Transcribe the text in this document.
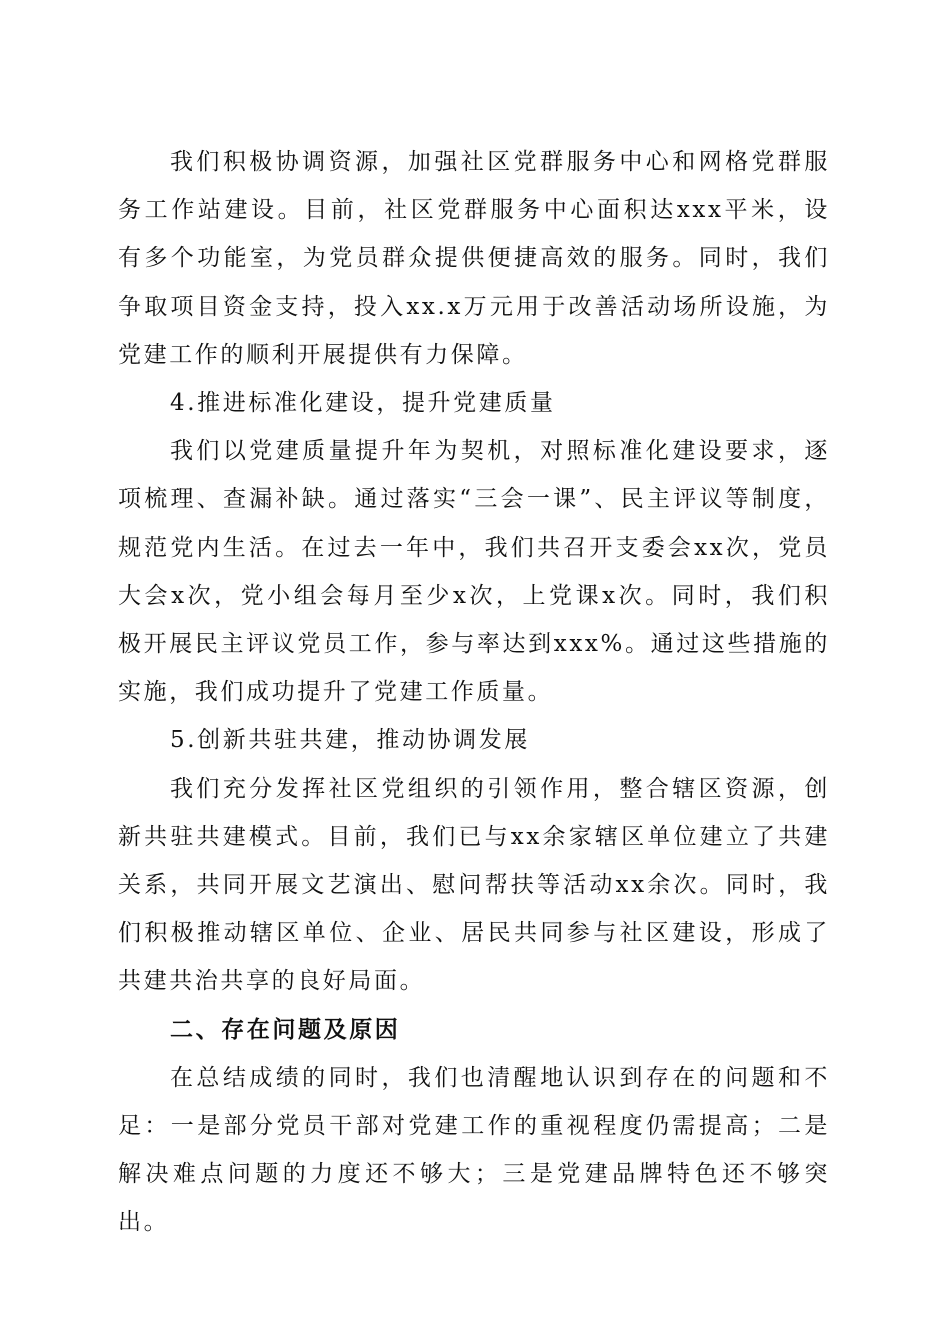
我们积极协调资源，加强社区党群服务中心和网格党群服务工作站建设。目前，社区党群服务中心面积达xxx平米，设有多个功能室，为党员群众提供便捷高效的服务。同时，我们争取项目资金支持，投入xx.x万元用于改善活动场所设施，为党建工作的顺利开展提供有力保障。

4.推进标准化建设，提升党建质量

我们以党建质量提升年为契机，对照标准化建设要求，逐项梳理、查漏补缺。通过落实“三会一课”、民主评议等制度，规范党内生活。在过去一年中，我们共召开支委会xx次，党员大会x次，党小组会每月至少x次，上党课x次。同时，我们积极开展民主评议党员工作，参与率达到xxx%。通过这些措施的实施，我们成功提升了党建工作质量。

5.创新共驻共建，推动协调发展

我们充分发挥社区党组织的引领作用，整合辖区资源，创新共驻共建模式。目前，我们已与xx余家辖区单位建立了共建关系，共同开展文艺演出、慰问帮扶等活动xx余次。同时，我们积极推动辖区单位、企业、居民共同参与社区建设，形成了共建共治共享的良好局面。

二、存在问题及原因

在总结成绩的同时，我们也清醒地认识到存在的问题和不足：一是部分党员干部对党建工作的重视程度仍需提高；二是解决难点问题的力度还不够大；三是党建品牌特色还不够突出。
